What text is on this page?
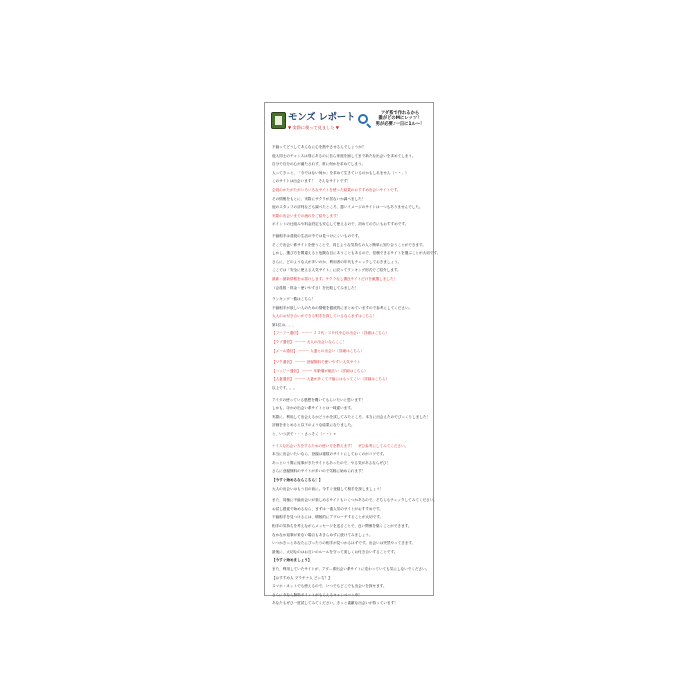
モンズ レポート
▼ 実際に使って見ました ▼
アダ系で作れるから
誰がどのMにレッツ！
男が必要♪一日に1ル～！
不倫ってどうしてあんなに心を熱中させるんでしょうか？
他人同士のチャンスは別にあるのに自ら家庭を崩してまで新たな出会いを求めてしまう。
自分で自分の心が満たされず、常に何かを求めてしまう。
人ってきっと、「今ではない何か」を求めて生きているのかもしれません（＾＾；）
このサイトは出会います！　そんなサイトです！
会員のかたがたがいろいろなサイトを使った結果のおすすめ出会いサイトです。
その情報をもとに、実際にサクラが居ないか調べました！
他のスタッフの評判なども調べたところ、悪いイメージのサイトは一つもありませんでした。
実際の出会いまでの流れをご紹介します！
ポイントの仕組みや料金設定も安心して使えるので、初めての方にもおすすめです。
不倫相手は普段の生活の中では見つけにくいものです。
そこで出会い系サイトを使うことで、同じような気持ちの人と簡単に知り合うことができます。
しかし、選び方を間違えると危険な目にあうこともあるので、信頼できるサイトを選ぶことが大切です。
さらに、どのような人が多いのか、利用者の年代もチェックしておきましょう。
ここでは「安全に使える人気サイト」に絞ってランキング形式でご紹介します。
最新・最新情報をお届けします。サクラなし優良サイトだけを厳選しました！
（会員数・料金・使いやすさ）を比較してみました！
ランキング一覧はこちら！
不倫相手が欲しい人のための情報を徹底的にまとめていますので参考にしてください。
大人のお付き合いができる相手を探しているならまずはこちら！
第1位は、、、
【フーフー通信】 ーーー ２３代・３０代中心の出会い（詳細はこちら）
【ラブ通信】 ーーー 大人の出会いならここ！
【メール通信】 ーーー 人妻との出会い（詳細はこちら）
【ワク通信】 ーーー 登録無料で使いやすい人気サイト
【ハッピー通信】 ーーー 年齢層が幅広い（詳細はこちら）
【人妻通信】 ーーー 人妻が多くて不倫にはもってこい（詳細はこちら）
以上です。。。
アイダの使っている感想を聞いてもらいたいと思います！
しかも、ほかの出会い系サイトとは一味違います。
実際に、利用して出会えるかどうかを試してみたところ、本当に出会えたのでびっくりしました！
評価をまとめると以下のような結果になりました。
と、いう訳で・・・さっそく（＾＾）ｖ
ナイスな出会い方をするための使い方を教えます！　ぜひ参考にしてみてください。
本当に出会いたいなら、登録は複数のサイトにしておくのがコツです。
あっという間に返事がきたサイトもあったので、やる気があるならぜひ！
さらに登録無料のサイトが多いので気軽に始められます！
【今すぐ始めるならこちら！】
大人の出会いはもう目の前に。今すぐ登録して相手を探しましょう！
また、同様に不倫出会いが楽しめるサイトもいくつかあるので、そちらもチェックしてみてください。
お試し感覚で始めるなら、まずは一番人気のサイトがおすすめです。
不倫相手を見つけるには、積極的にアプローチすることが大切です。
相手の気持ちを考えながらメッセージを送ることで、良い関係を築くことができます。
なかなか返事が来ない場合もあきらめずに続けてみましょう。
いつかきっとあなたにぴったりの相手が見つかるはずです。出会いは突然やってきます。
最後に、大切なのはお互いのルールを守って楽しくお付き合いすることです。
【今すぐ始めましょう】
また、利用していたサイトが、アダ…系出会い系サイトに変わっていても気にしないでください。
【おすすめ人 プラチナ人 どっち？】
スマホ・ネットでも使えるので、いつでもどこでも出会いを探せます。
さらに今なら無料ポイントがもらえるキャンペーン中！
あなたもぜひ一度試してみてください。きっと素敵な出会いが待っています！
